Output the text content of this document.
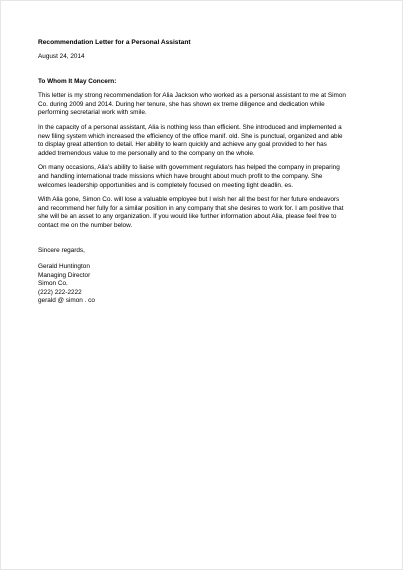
Recommendation Letter for a Personal Assistant
August 24, 2014
To Whom It May Concern:
This letter is my strong recommendation for Alia Jackson who worked as a personal assistant to me at Simon
Co. during 2009 and 2014. During her tenure, she has shown ex treme diligence and dedication while
performing secretarial work with smile.
In the capacity of a personal assistant, Alia is nothing less than efficient. She introduced and implemented a
new filing system which increased the efficiency of the office manif. old. She is punctual, organized and able
to display great attention to detail. Her ability to learn quickly and achieve any goal provided to her has
added tremendous value to me personally and to the company on the whole.
On many occasions, Alia's ability to liaise with government regulators has helped the company in preparing
and handling international trade missions which have brought about much profit to the company. She
welcomes leadership opportunities and is completely focused on meeting tight deadlin. es.
With Alia gone, Simon Co. will lose a valuable employee but I wish her all the best for her future endeavors
and recommend her fully for a similar position in any company that she desires to work for. I am positive that
she will be an asset to any organization. If you would like further information about Alia, please feel free to
contact me on the number below.
Sincere regards,
Gerald Huntington
Managing Director
Simon Co.
(222) 222-2222
gerald @ simon . co
